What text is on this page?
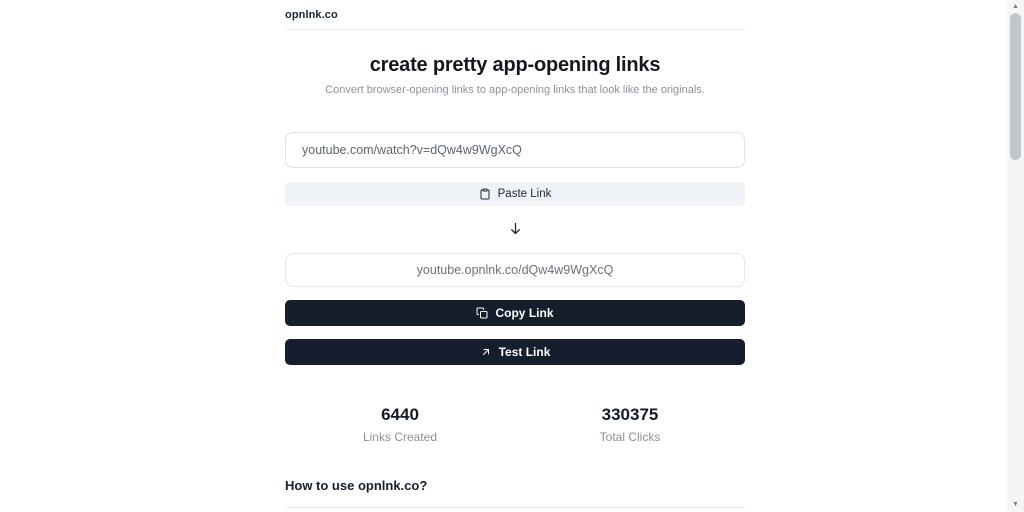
opnlnk.co
create pretty app-opening links

Convert browser-opening links to app-opening links that look like the originals.

youtube.com/watch?v=dQw4w9WgXcQ
Paste Link
youtube.opnlnk.co/dQw4w9WgXcQ
Copy Link
Test Link
6440
Links Created
330375
Total Clicks
How to use opnlnk.co?
▲
▼
